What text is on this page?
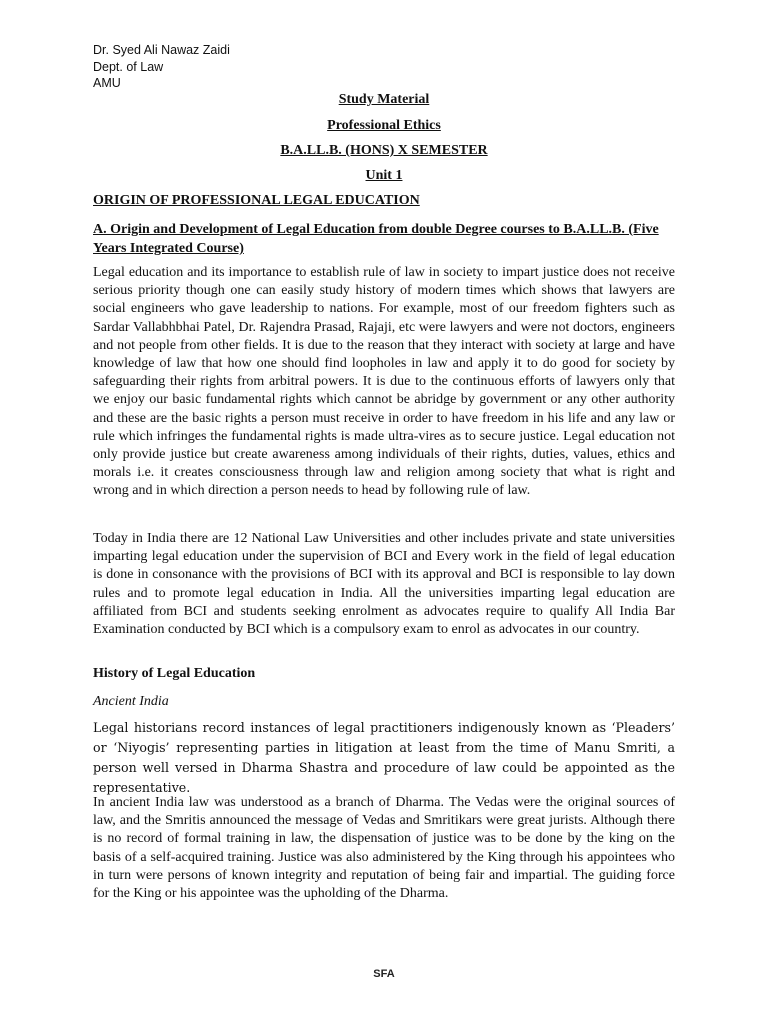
Dr. Syed Ali Nawaz Zaidi
Dept. of Law
AMU
Study Material
Professional Ethics
B.A.LL.B. (HONS) X SEMESTER
Unit 1
ORIGIN OF PROFESSIONAL LEGAL EDUCATION
A. Origin and Development of Legal Education from double Degree courses to B.A.LL.B. (Five Years Integrated Course)
Legal education and its importance to establish rule of law in society to impart justice does not receive serious priority though one can easily study history of modern times which shows that lawyers are social engineers who gave leadership to nations. For example, most of our freedom fighters such as Sardar Vallabhbhai Patel, Dr. Rajendra Prasad, Rajaji, etc were lawyers and were not doctors, engineers and not people from other fields. It is due to the reason that they interact with society at large and have knowledge of law that how one should find loopholes in law and apply it to do good for society by safeguarding their rights from arbitral powers. It is due to the continuous efforts of lawyers only that we enjoy our basic fundamental rights which cannot be abridge by government or any other authority and these are the basic rights a person must receive in order to have freedom in his life and any law or rule which infringes the fundamental rights is made ultra-vires as to secure justice. Legal education not only provide justice but create awareness among individuals of their rights, duties, values, ethics and morals i.e. it creates consciousness through law and religion among society that what is right and wrong and in which direction a person needs to head by following rule of law.
Today in India there are 12 National Law Universities and other includes private and state universities imparting legal education under the supervision of BCI and Every work in the field of legal education is done in consonance with the provisions of BCI with its approval and BCI is responsible to lay down rules and to promote legal education in India. All the universities imparting legal education are affiliated from BCI and students seeking enrolment as advocates require to qualify All India Bar Examination conducted by BCI which is a compulsory exam to enrol as advocates in our country.
History of Legal Education
Ancient India
Legal historians record instances of legal practitioners indigenously known as ‘Pleaders’ or ‘Niyogis’ representing parties in litigation at least from the time of Manu Smriti, a person well versed in Dharma Shastra and procedure of law could be appointed as the representative.
In ancient India law was understood as a branch of Dharma. The Vedas were the original sources of law, and the Smritis announced the message of Vedas and Smritikars were great jurists. Although there is no record of formal training in law, the dispensation of justice was to be done by the king on the basis of a self-acquired training. Justice was also administered by the King through his appointees who in turn were persons of known integrity and reputation of being fair and impartial. The guiding force for the King or his appointee was the upholding of the Dharma.
SFA
